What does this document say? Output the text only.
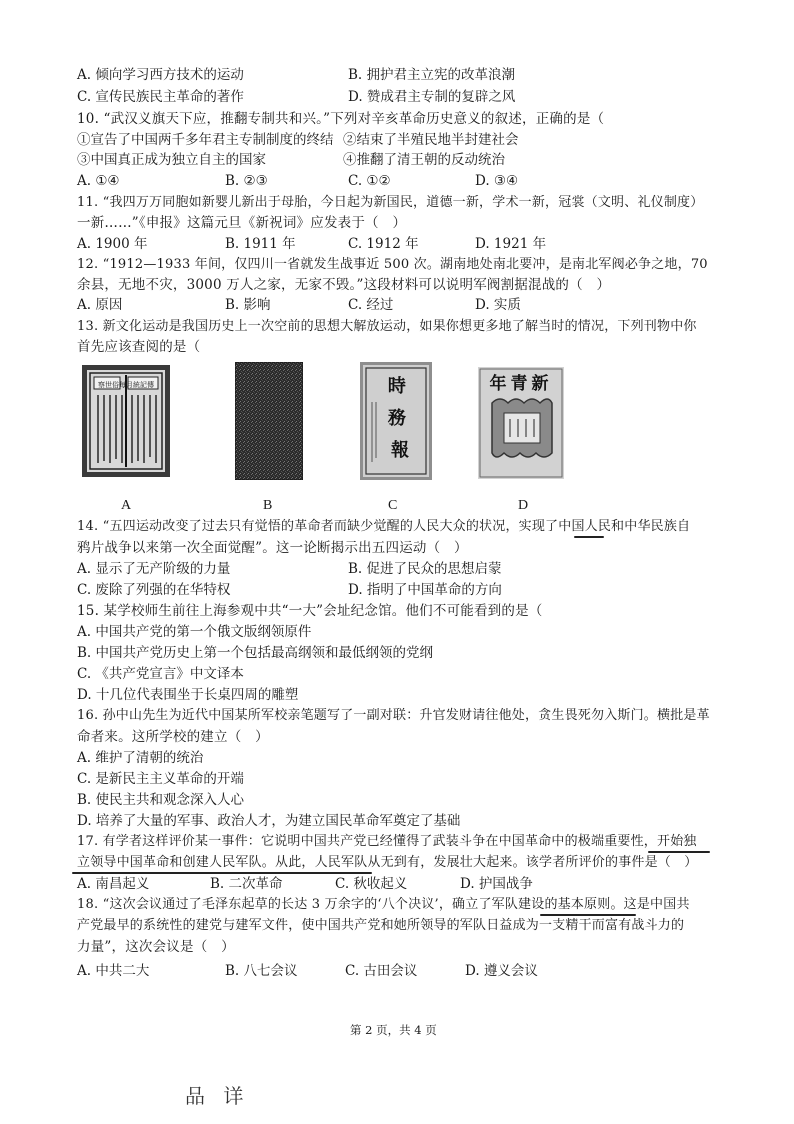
A. 倾向学习西方技术的运动	B. 拥护君主立宪的改革浪潮
C. 宣传民族民主革命的著作	D. 赞成君主专制的复辟之风
10. “武汉义旗天下应，推翻专制共和兴。”下列对辛亥革命历史意义的叙述，正确的是（
①宣告了中国两千多年君主专制制度的终结 ②结束了半殖民地半封建社会
③中国真正成为独立自主的国家	④推翻了清王朝的反动统治
A. ①④	B. ②③	C. ①②	D. ③④
11. “我四万万同胞如新婴儿新出于母胎，今日起为新国民，道德一新，学术一新，冠裳（文明、礼仪制度）
一新……”《申报》这篇元旦《新祝词》应发表于（　）
A. 1900 年	B. 1911 年	C. 1912 年	D. 1921 年
12. “1912—1933 年间，仅四川一省就发生战事近 500 次。湖南地处南北要冲，是南北军阀必争之地，70
余县，无地不灾，3000 万人之家，无家不毁。”这段材料可以说明军阀割据混战的（　）
A. 原因	B. 影响	C. 经过	D. 实质
13. 新文化运动是我国历史上一次空前的思想大解放运动，如果你想更多地了解当时的情况，下列刊物中你
首先应该查阅的是（
察世俗每月統記傳	時 務 報
年青新
A	B	C	D
14. “五四运动改变了过去只有觉悟的革命者而缺少觉醒的人民大众的状况，实现了中国人民和中华民族自
鸦片战争以来第一次全面觉醒”。这一论断揭示出五四运动（　）
A. 显示了无产阶级的力量	B. 促进了民众的思想启蒙
C. 废除了列强的在华特权	D. 指明了中国革命的方向
15. 某学校师生前往上海参观中共“一大”会址纪念馆。他们不可能看到的是（
A. 中国共产党的第一个俄文版纲领原件
B. 中国共产党历史上第一个包括最高纲领和最低纲领的党纲
C. 《共产党宣言》中文译本
D. 十几位代表围坐于长桌四周的雕塑
16. 孙中山先生为近代中国某所军校亲笔题写了一副对联：升官发财请往他处，贪生畏死勿入斯门。横批是革
命者来。这所学校的建立（　）
A. 维护了清朝的统治
C. 是新民主主义革命的开端
B. 使民主共和观念深入人心
D. 培养了大量的军事、政治人才，为建立国民革命军奠定了基础
17. 有学者这样评价某一事件：它说明中国共产党已经懂得了武装斗争在中国革命中的极端重要性，开始独
立领导中国革命和创建人民军队。从此，人民军队从无到有，发展壮大起来。该学者所评价的事件是（　）
A. 南昌起义	B. 二次革命	C. 秋收起义	D. 护国战争
18. “这次会议通过了毛泽东起草的长达 3 万余字的‘八个决议’，确立了军队建设的基本原则。这是中国共
产党最早的系统性的建党与建军文件，使中国共产党和她所领导的军队日益成为一支精干而富有战斗力的
力量”，这次会议是（　）
A. 中共二大	B. 八七会议	C. 古田会议	D. 遵义会议
第 2 页，共 4 页
品 详
